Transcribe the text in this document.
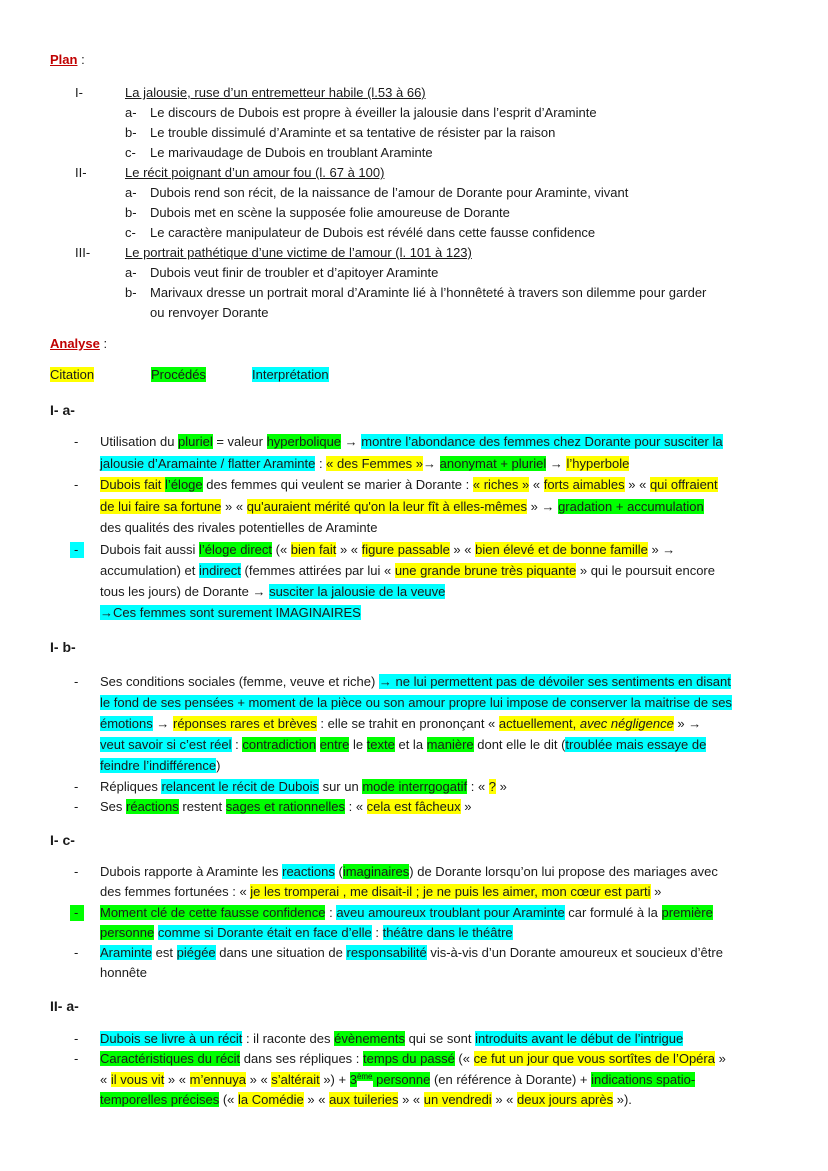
Plan :
I-	La jalousie, ruse d’un entremetteur habile (l.53 à 66)
a- Le discours de Dubois est propre à éveiller la jalousie dans l’esprit d’Araminte
b- Le trouble dissimulé d’Araminte et sa tentative de résister par la raison
c- Le marivaudage de Dubois en troublant Araminte
II-	Le récit poignant d’un amour fou (l. 67 à 100)
a- Dubois rend son récit, de la naissance de l’amour de Dorante pour Araminte, vivant
b- Dubois met en scène la supposée folie amoureuse de Dorante
c- Le caractère manipulateur de Dubois est révélé dans cette fausse confidence
III-	Le portrait pathétique d’une victime de l’amour (l. 101 à 123)
a- Dubois veut finir de troubler et d’apitoyer Araminte
b- Marivaux dresse un portrait moral d’Araminte lié à l’honnêteté à travers son dilemme pour garder
ou renvoyer Dorante
Analyse :
Citation	Procédés	Interprétation
I- a-
-
-
-
Utilisation du pluriel = valeur hyperbolique → montre l’abondance des femmes chez Dorante pour susciter la
jalousie d’Aramainte / flatter Araminte : « des Femmes »→ anonymat + pluriel → l’hyperbole
Dubois fait l’éloge des femmes qui veulent se marier à Dorante : « riches » « forts aimables » « qui offraient
de lui faire sa fortune » « qu'auraient mérité qu'on la leur fît à elles-mêmes » → gradation + accumulation
des qualités des rivales potentielles de Araminte
Dubois fait aussi l’éloge direct (« bien fait » « figure passable » « bien élevé et de bonne famille » →
accumulation) et indirect (femmes attirées par lui « une grande brune très piquante » qui le poursuit encore
tous les jours) de Dorante → susciter la jalousie de la veuve
→Ces femmes sont surement IMAGINAIRES
I- b-
-
-
-
Ses conditions sociales (femme, veuve et riche) → ne lui permettent pas de dévoiler ses sentiments en disant
le fond de ses pensées + moment de la pièce ou son amour propre lui impose de conserver la maitrise de ses
émotions → réponses rares et brèves : elle se trahit en prononçant « actuellement, avec négligence » →
veut savoir si c’est réel : contradiction entre le texte et la manière dont elle le dit (troublée mais essaye de
feindre l’indifférence)
Répliques relancent le récit de Dubois sur un mode interrgogatif : « ? »
Ses réactions restent sages et rationnelles : « cela est fâcheux »
I- c-
-
-
-
Dubois rapporte à Araminte les reactions (imaginaires) de Dorante lorsqu’on lui propose des mariages avec
des femmes fortunées : « je les tromperai , me disait-il ; je ne puis les aimer, mon cœur est parti »
Moment clé de cette fausse confidence : aveu amoureux troublant pour Araminte car formulé à la première
personne comme si Dorante était en face d’elle : théâtre dans le théâtre
Araminte est piégée dans une situation de responsabilité vis-à-vis d’un Dorante amoureux et soucieux d’être
honnête
II- a-
-
-
Dubois se livre à un récit : il raconte des évènements qui se sont introduits avant le début de l’intrigue
Caractéristiques du récit dans ses répliques : temps du passé (« ce fut un jour que vous sortîtes de l’Opéra »
« il vous vit » « m’ennuya » « s’altérait ») + 3ème personne (en référence à Dorante) + indications spatio-
temporelles précises (« la Comédie » « aux tuileries » « un vendredi » « deux jours après »).
